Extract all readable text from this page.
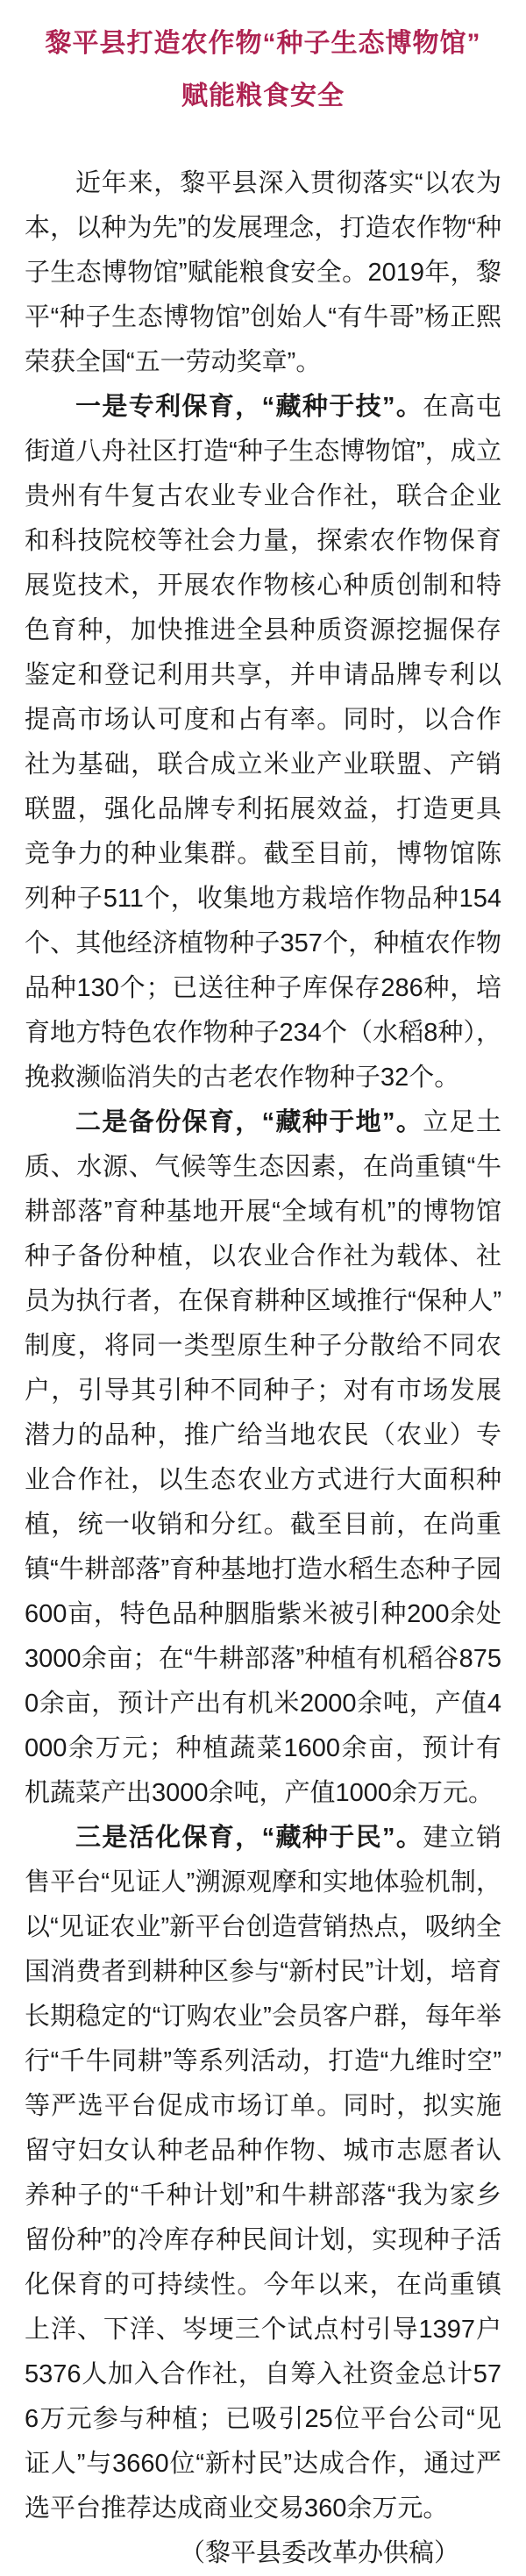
黎平县打造农作物“种子生态博物馆”
赋能粮食安全

近年来，黎平县深入贯彻落实“以农为本，以种为先”的发展理念，打造农作物“种子生态博物馆”赋能粮食安全。2019年，黎平“种子生态博物馆”创始人“有牛哥”杨正熙荣获全国“五一劳动奖章”。

一是专利保育，“藏种于技”。在高屯街道八舟社区打造“种子生态博物馆”，成立贵州有牛复古农业专业合作社，联合企业和科技院校等社会力量，探索农作物保育展览技术，开展农作物核心种质创制和特色育种，加快推进全县种质资源挖掘保存鉴定和登记利用共享，并申请品牌专利以提高市场认可度和占有率。同时，以合作社为基础，联合成立米业产业联盟、产销联盟，强化品牌专利拓展效益，打造更具竞争力的种业集群。截至目前，博物馆陈列种子511个，收集地方栽培作物品种154个、其他经济植物种子357个，种植农作物品种130个；已送往种子库保存286种，培育地方特色农作物种子234个（水稻8种），挽救濒临消失的古老农作物种子32个。

二是备份保育，“藏种于地”。立足土质、水源、气候等生态因素，在尚重镇“牛耕部落”育种基地开展“全域有机”的博物馆种子备份种植，以农业合作社为载体、社员为执行者，在保育耕种区域推行“保种人”制度，将同一类型原生种子分散给不同农户，引导其引种不同种子；对有市场发展潜力的品种，推广给当地农民（农业）专业合作社，以生态农业方式进行大面积种植，统一收销和分红。截至目前，在尚重镇“牛耕部落”育种基地打造水稻生态种子园600亩，特色品种胭脂紫米被引种200余处3000余亩；在“牛耕部落”种植有机稻谷8750余亩，预计产出有机米2000余吨，产值4000余万元；种植蔬菜1600余亩，预计有机蔬菜产出3000余吨，产值1000余万元。

三是活化保育，“藏种于民”。建立销售平台“见证人”溯源观摩和实地体验机制，以“见证农业”新平台创造营销热点，吸纳全国消费者到耕种区参与“新村民”计划，培育长期稳定的“订购农业”会员客户群，每年举行“千牛同耕”等系列活动，打造“九维时空”等严选平台促成市场订单。同时，拟实施留守妇女认种老品种作物、城市志愿者认养种子的“千种计划”和牛耕部落“我为家乡留份种”的冷库存种民间计划，实现种子活化保育的可持续性。今年以来，在尚重镇上洋、下洋、岑埂三个试点村引导1397户5376人加入合作社，自筹入社资金总计576万元参与种植；已吸引25位平台公司“见证人”与3660位“新村民”达成合作，通过严选平台推荐达成商业交易360余万元。

（黎平县委改革办供稿）
